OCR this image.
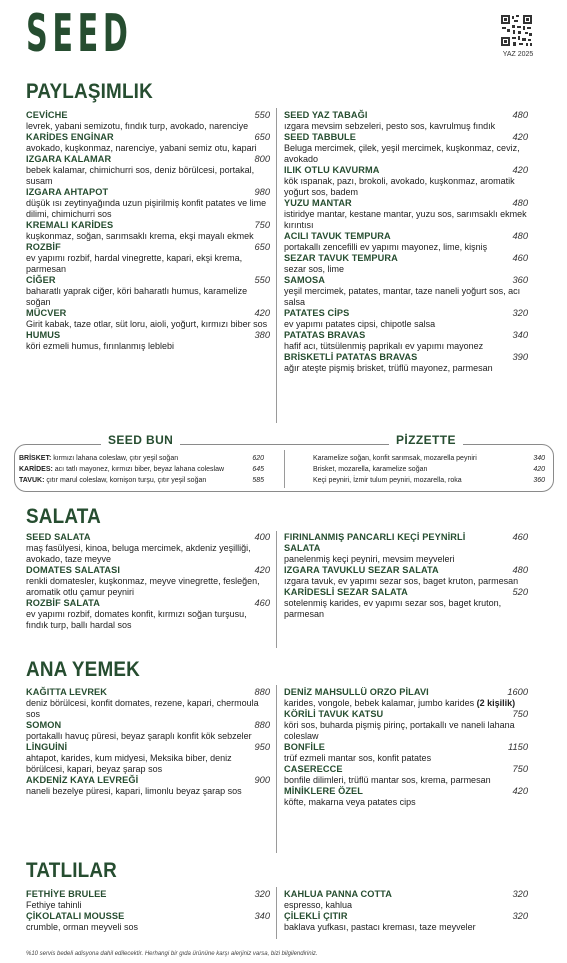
SEED	YAZ 2025
PAYLAŞIMLIK
CEVİCHE	550
levrek, yabani semizotu, fındık turp, avokado, narenciye
KARİDES ENGİNAR	650
avokado, kuşkonmaz, narenciye, yabani semiz otu, kapari
IZGARA KALAMAR	800
bebek kalamar, chimichurri sos, deniz börülcesi, portakal, susam
IZGARA AHTAPOT	980
düşük ısı zeytinyağında uzun pişirilmiş konfit patates ve lime dilimi, chimichurri sos
KREMALI KARİDES	750
kuşkonmaz, soğan, sarımsaklı krema, ekşi mayalı ekmek
ROZBİF	650
ev yapımı rozbif, hardal vinegrette, kapari, ekşi krema, parmesan
CİĞER	550
baharatlı yaprak ciğer, köri baharatlı humus, karamelize soğan
MÜCVER	420
Girit kabak, taze otlar, süt loru, aioli, yoğurt, kırmızı biber sos
HUMUS	380
köri ezmeli humus, fırınlanmış leblebi
SEED YAZ TABAĞI	480
ızgara mevsim sebzeleri, pesto sos, kavrulmuş fındık
SEED TABBULE	420
Beluga mercimek, çilek, yeşil mercimek, kuşkonmaz, ceviz, avokado
ILIK OTLU KAVURMA	420
kök ıspanak, pazı, brokoli, avokado, kuşkonmaz, aromatik yoğurt sos, badem
YUZU MANTAR	480
istiridye mantar, kestane mantar, yuzu sos, sarımsaklı ekmek kırıntısı
ACILI TAVUK TEMPURA	480
portakallı zencefilli ev yapımı mayonez, lime, kişniş
SEZAR TAVUK TEMPURA	460
sezar sos, lime
SAMOSA	360
yeşil mercimek, patates, mantar, taze naneli yoğurt sos, acı salsa
PATATES CİPS	320
ev yapımı patates cipsi, chipotle salsa
PATATAS BRAVAS	340
hafif acı, tütsülenmiş paprikalı ev yapımı mayonez
BRİSKETLİ PATATAS BRAVAS	390
ağır ateşte pişmiş brisket, trüflü mayonez, parmesan
SEED BUN	PİZZETTE
BRİSKET: kırmızı lahana coleslaw, çıtır yeşil soğan	620
KARİDES: acı tatlı mayonez, kırmızı biber, beyaz lahana coleslaw	645
TAVUK: çıtır marul coleslaw, kornişon turşu, çıtır yeşil soğan	585
Karamelize soğan, konfit sarımsak, mozarella peyniri	340
Brisket, mozarella, karamelize soğan	420
Keçi peyniri, İzmir tulum peyniri, mozarella, roka	360
SALATA
SEED SALATA	400
maş fasülyesi, kinoa, beluga mercimek, akdeniz yeşilliği, avokado, taze meyve
DOMATES SALATASI	420
renkli domatesler, kuşkonmaz, meyve vinegrette, fesleğen, aromatik otlu çamur peyniri
ROZBİF SALATA	460
ev yapımı rozbif, domates konfit, kırmızı soğan turşusu, fındık turp, ballı hardal sos
FIRINLANMIŞ PANCARLI KEÇİ PEYNİRLİ SALATA
460
panelenmiş keçi peyniri, mevsim meyveleri
IZGARA TAVUKLU SEZAR SALATA	480
ızgara tavuk, ev yapımı sezar sos, baget kruton, parmesan
KARİDESLİ SEZAR SALATA	520
sotelenmiş karides, ev yapımı sezar sos, baget kruton, parmesan
ANA YEMEK
KAĞITTA LEVREK	880
deniz börülcesi, konfit domates, rezene, kapari, chermoula sos
SOMON	880
portakallı havuç püresi, beyaz şaraplı konfit kök sebzeler
LİNGUİNİ	950
ahtapot, karides, kum midyesi, Meksika biber, deniz börülcesi, kapari, beyaz şarap sos
AKDENİZ KAYA LEVREĞİ	900
naneli bezelye püresi, kapari, limonlu beyaz şarap sos
DENİZ MAHSULLÜ ORZO PİLAVI	1600
karides, vongole, bebek kalamar, jumbo karides (2 kişilik)
KÖRİLİ TAVUK KATSU	750
köri sos, buharda pişmiş pirinç, portakallı ve naneli lahana coleslaw
BONFİLE	1150
trüf ezmeli mantar sos, konfit patates
CASERECCE	750
bonfile dilimleri, trüflü mantar sos, krema, parmesan
MİNİKLERE ÖZEL	420
köfte, makarna veya patates cips
TATLILAR
FETHİYE BRULEE	320
Fethiye tahinli
ÇİKOLATALI MOUSSE	340
crumble, orman meyveli sos
KAHLUA PANNA COTTA	320
espresso, kahlua
ÇİLEKLİ ÇITIR	320
baklava yufkası, pastacı kreması, taze meyveler
%10 servis bedeli adisyona dahil edilecektir. Herhangi bir gıda ürününe karşı alerjiniz varsa, bizi bilgilendiriniz.
